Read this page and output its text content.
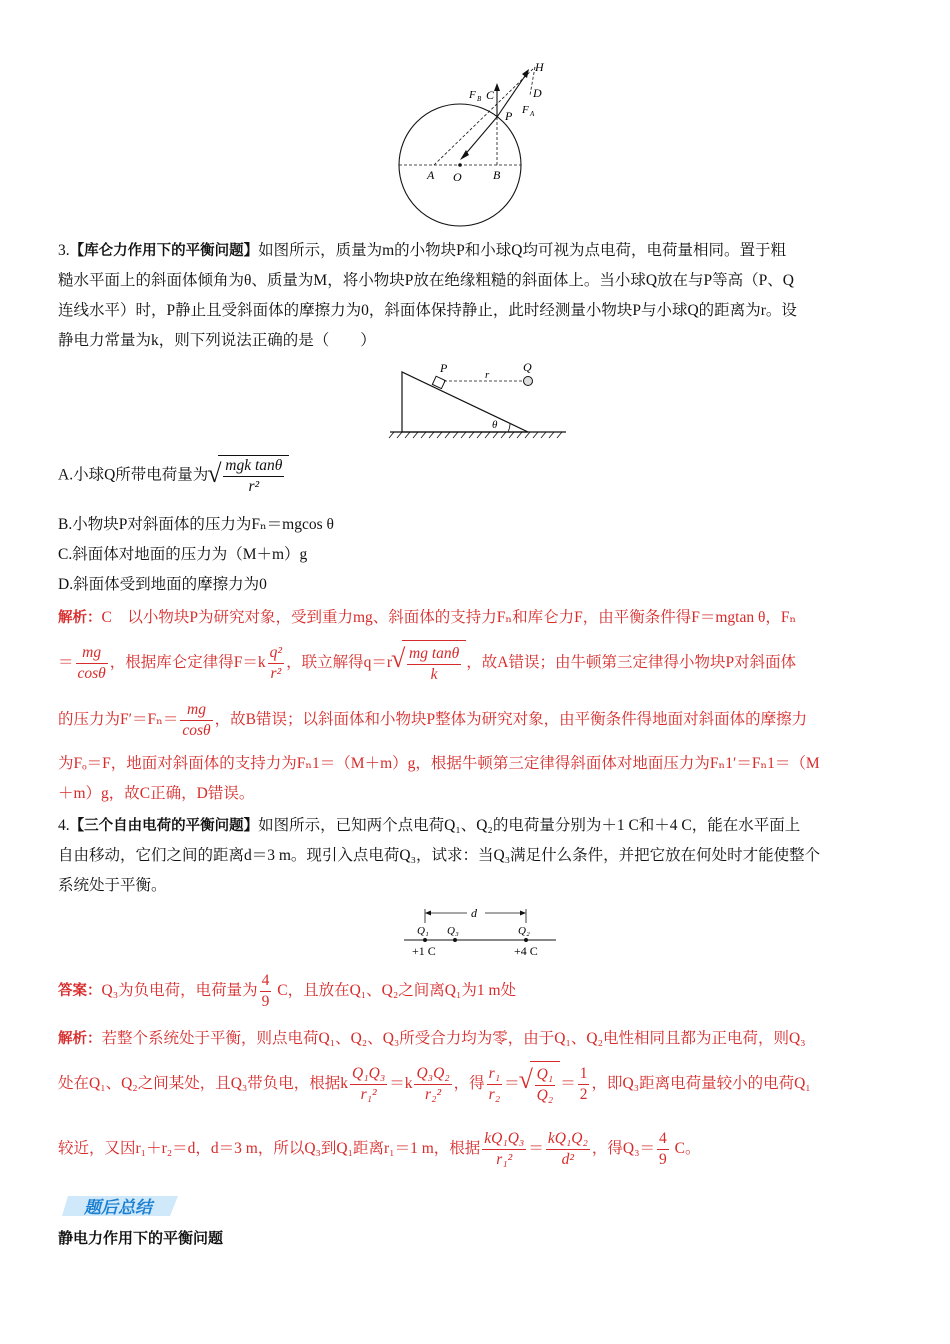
H
C	D
F B
F A
P
A O	B
3.【库仑力作用下的平衡问题】如图所示，质量为m的小物块P和小球Q均可视为点电荷，电荷量相同。置于粗
糙水平面上的斜面体倾角为θ、质量为M，将小物块P放在绝缘粗糙的斜面体上。当小球Q放在与P等高（P、Q
连线水平）时，P静止且受斜面体的摩擦力为0，斜面体保持静止，此时经测量小物块P与小球Q的距离为r。设
静电力常量为k，则下列说法正确的是（　　）
P	Q
r
θ
A.小球Q所带电荷量为 √ $\frac{\text{mgk tanθ}}{\text{r²}}$
B.小物块P对斜面体的压力为Fₙ＝mgcos θ
C.斜面体对地面的压力为（M＋m）g
D.斜面体受到地面的摩擦力为0
解析：C　以小物块P为研究对象，受到重力mg、斜面体的支持力Fₙ和库仑力F，由平衡条件得F＝mgtan θ，Fₙ
＝ $\frac{mg}{\cos\theta}$ ，根据库仑定律得$F=k \frac{\text{q²}}{\text{r²}}$ ，联立解得q＝r √ $\frac{\text{mg tanθ}}{k}$ ，故A错误；由牛顿第三定律得小物块P对斜面体
的压力为$F'=F_n= \frac{mg}{\cos\theta}$ ，故B错误；以斜面体和小物块P整体为研究对象，由平衡条件得地面对斜面体的摩擦力
为Fₒ＝F，地面对斜面体的支持力为Fₙ1＝（M＋m）g，根据牛顿第三定律得斜面体对地面压力为Fₙ1′＝Fₙ1＝（M
＋m）g，故C正确，D错误。
4.【三个自由电荷的平衡问题】如图所示，已知两个点电荷Q₁、Q₂的电荷量分别为＋1 C和＋4 C，能在水平面上
自由移动，它们之间的距离d＝3 m。现引入点电荷Q₃，试求：当Q₃满足什么条件，并把它放在何处时才能使整个
系统处于平衡。
d
Q₁ Q₃	Q₂
+1 C	+4 C
答案：Q₃为负电荷，电荷量为 $\frac{4}{9}$ C，且放在Q₁、Q₂之间离Q₁为1 m处
解析：若整个系统处于平衡，则点电荷Q₁、Q₂、Q₃所受合力均为零，由于Q₁、Q₂电性相同且都为正电荷，则Q₃
处在Q₁、Q₂之间某处，且Q₃带负电，根据k $\frac{\text{Q₁Q₃}}{\text{r₁²}} =k \frac{\text{Q₃Q₂}}{\text{r₂²}}$ ，得 $\frac{\text{r₁}}{\text{r₂}}$ ＝ √ $\frac{\text{Q₁}}{\text{Q₂}} = \frac{1}{2}$ ，即Q₃距离电荷量较小的电荷Q₁
较近，又因r₁＋r₂＝d，d＝3 m，所以Q₃到Q₁距离r₁＝1 m，根据 $\frac{\text{kQ₁Q₃}}{\text{r₁²}} = \frac{\text{kQ₁Q₂}}{\text{d²}}$ ，得$Q_3= \frac{4}{9}$ C。
题后总结
静电力作用下的平衡问题
